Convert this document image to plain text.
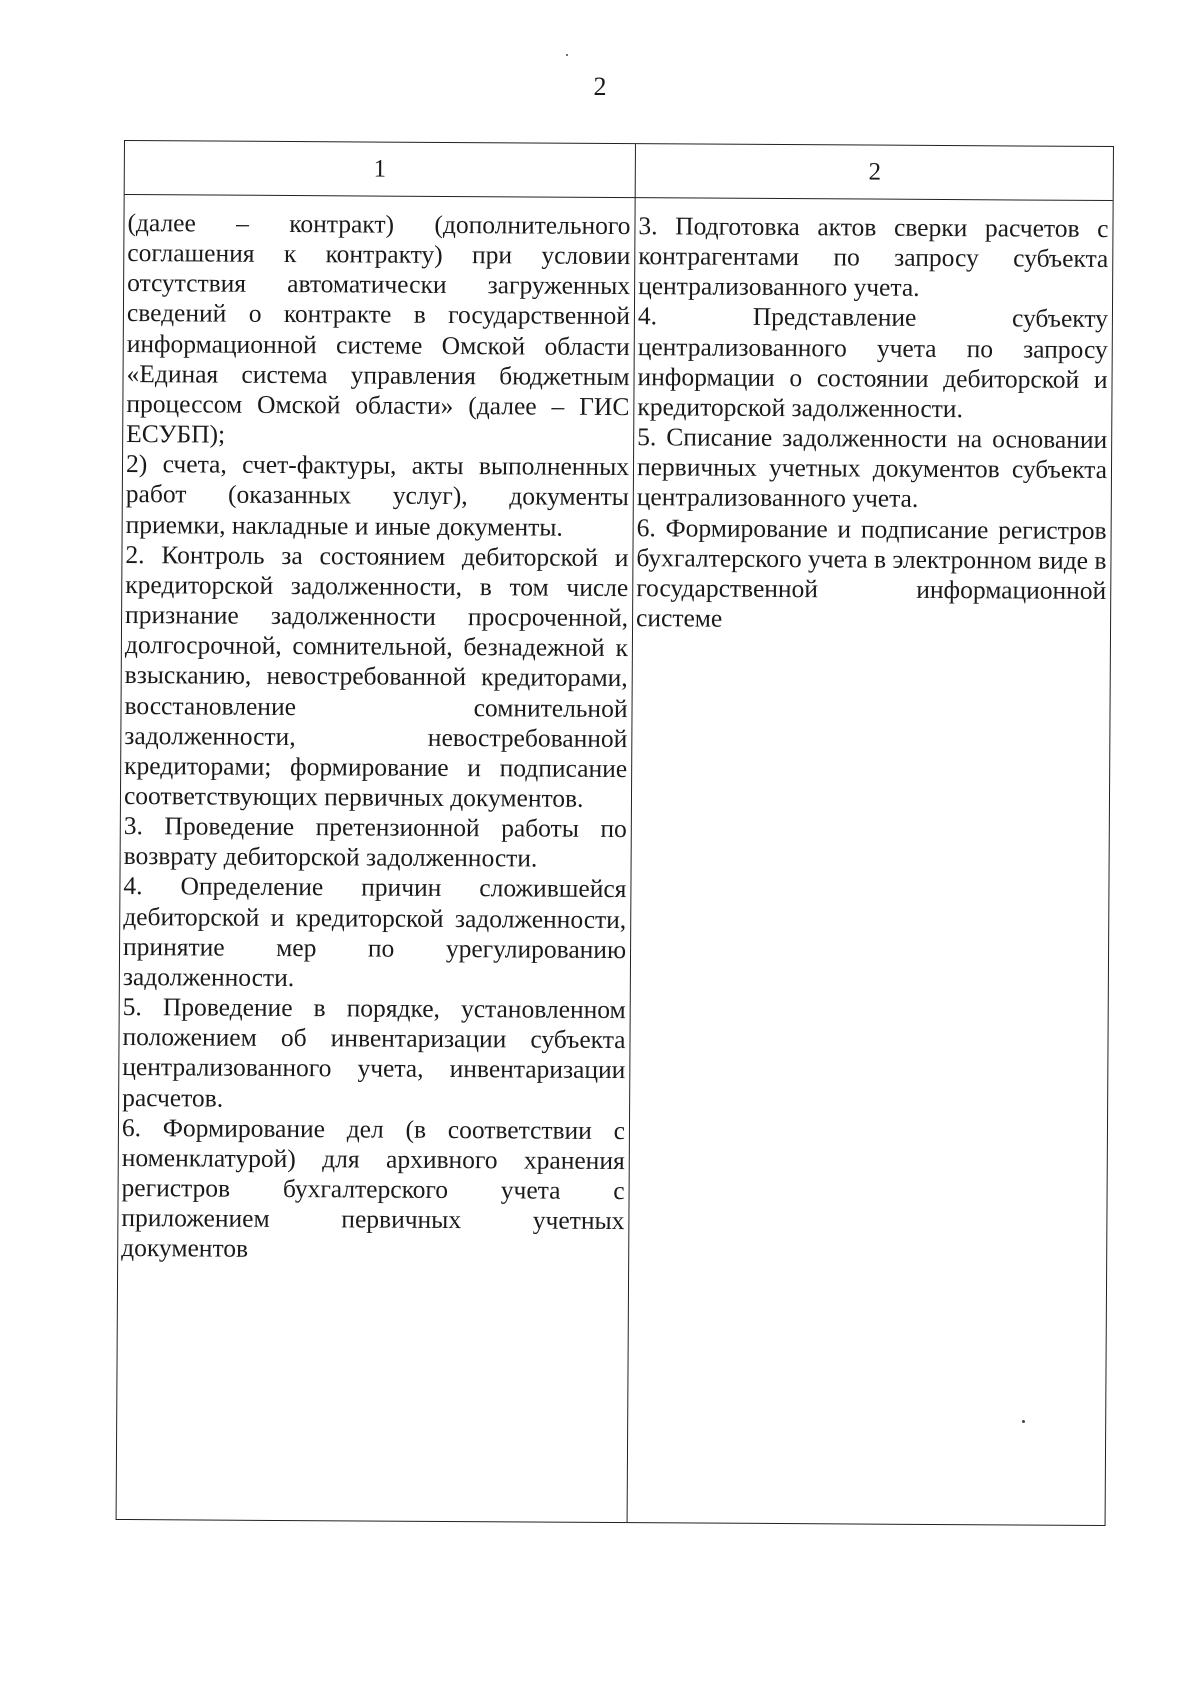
2
1	2

(далее – контракт) (дополнительного соглашения к контракту) при условии отсутствия автоматически загруженных сведений о контракте в государственной информационной системе Омской области «Единая система управления бюджетным процессом Омской области» (далее – ГИС ЕСУБП);

2) счета, счет-фактуры, акты выполненных работ (оказанных услуг), документы приемки, накладные и иные документы.

2. Контроль за состоянием дебиторской и кредиторской задолженности, в том числе признание задолженности просроченной, долгосрочной, сомнительной, безнадежной к взысканию, невостребованной кредиторами, восстановление сомнительной задолженности, невостребованной кредиторами; формирование и подписание соответствующих первичных документов.

3. Проведение претензионной работы по возврату дебиторской задолженности.

4. Определение причин сложившейся дебиторской и кредиторской задолженности, принятие мер по урегулированию задолженности.

5. Проведение в порядке, установленном положением об инвентаризации субъекта централизованного учета, инвентаризации расчетов.

6. Формирование дел (в соответствии с номенклатурой) для архивного хранения регистров бухгалтерского учета с приложением первичных учетных документов

3. Подготовка актов сверки расчетов с контрагентами по запросу субъекта централизованного учета.

4. Представление субъекту централизованного учета по запросу информации о состоянии дебиторской и кредиторской задолженности.

5. Списание задолженности на основании первичных учетных документов субъекта централизованного учета.

6. Формирование и подписание регистров бухгалтерского учета в электронном виде в государственной информационной системе
